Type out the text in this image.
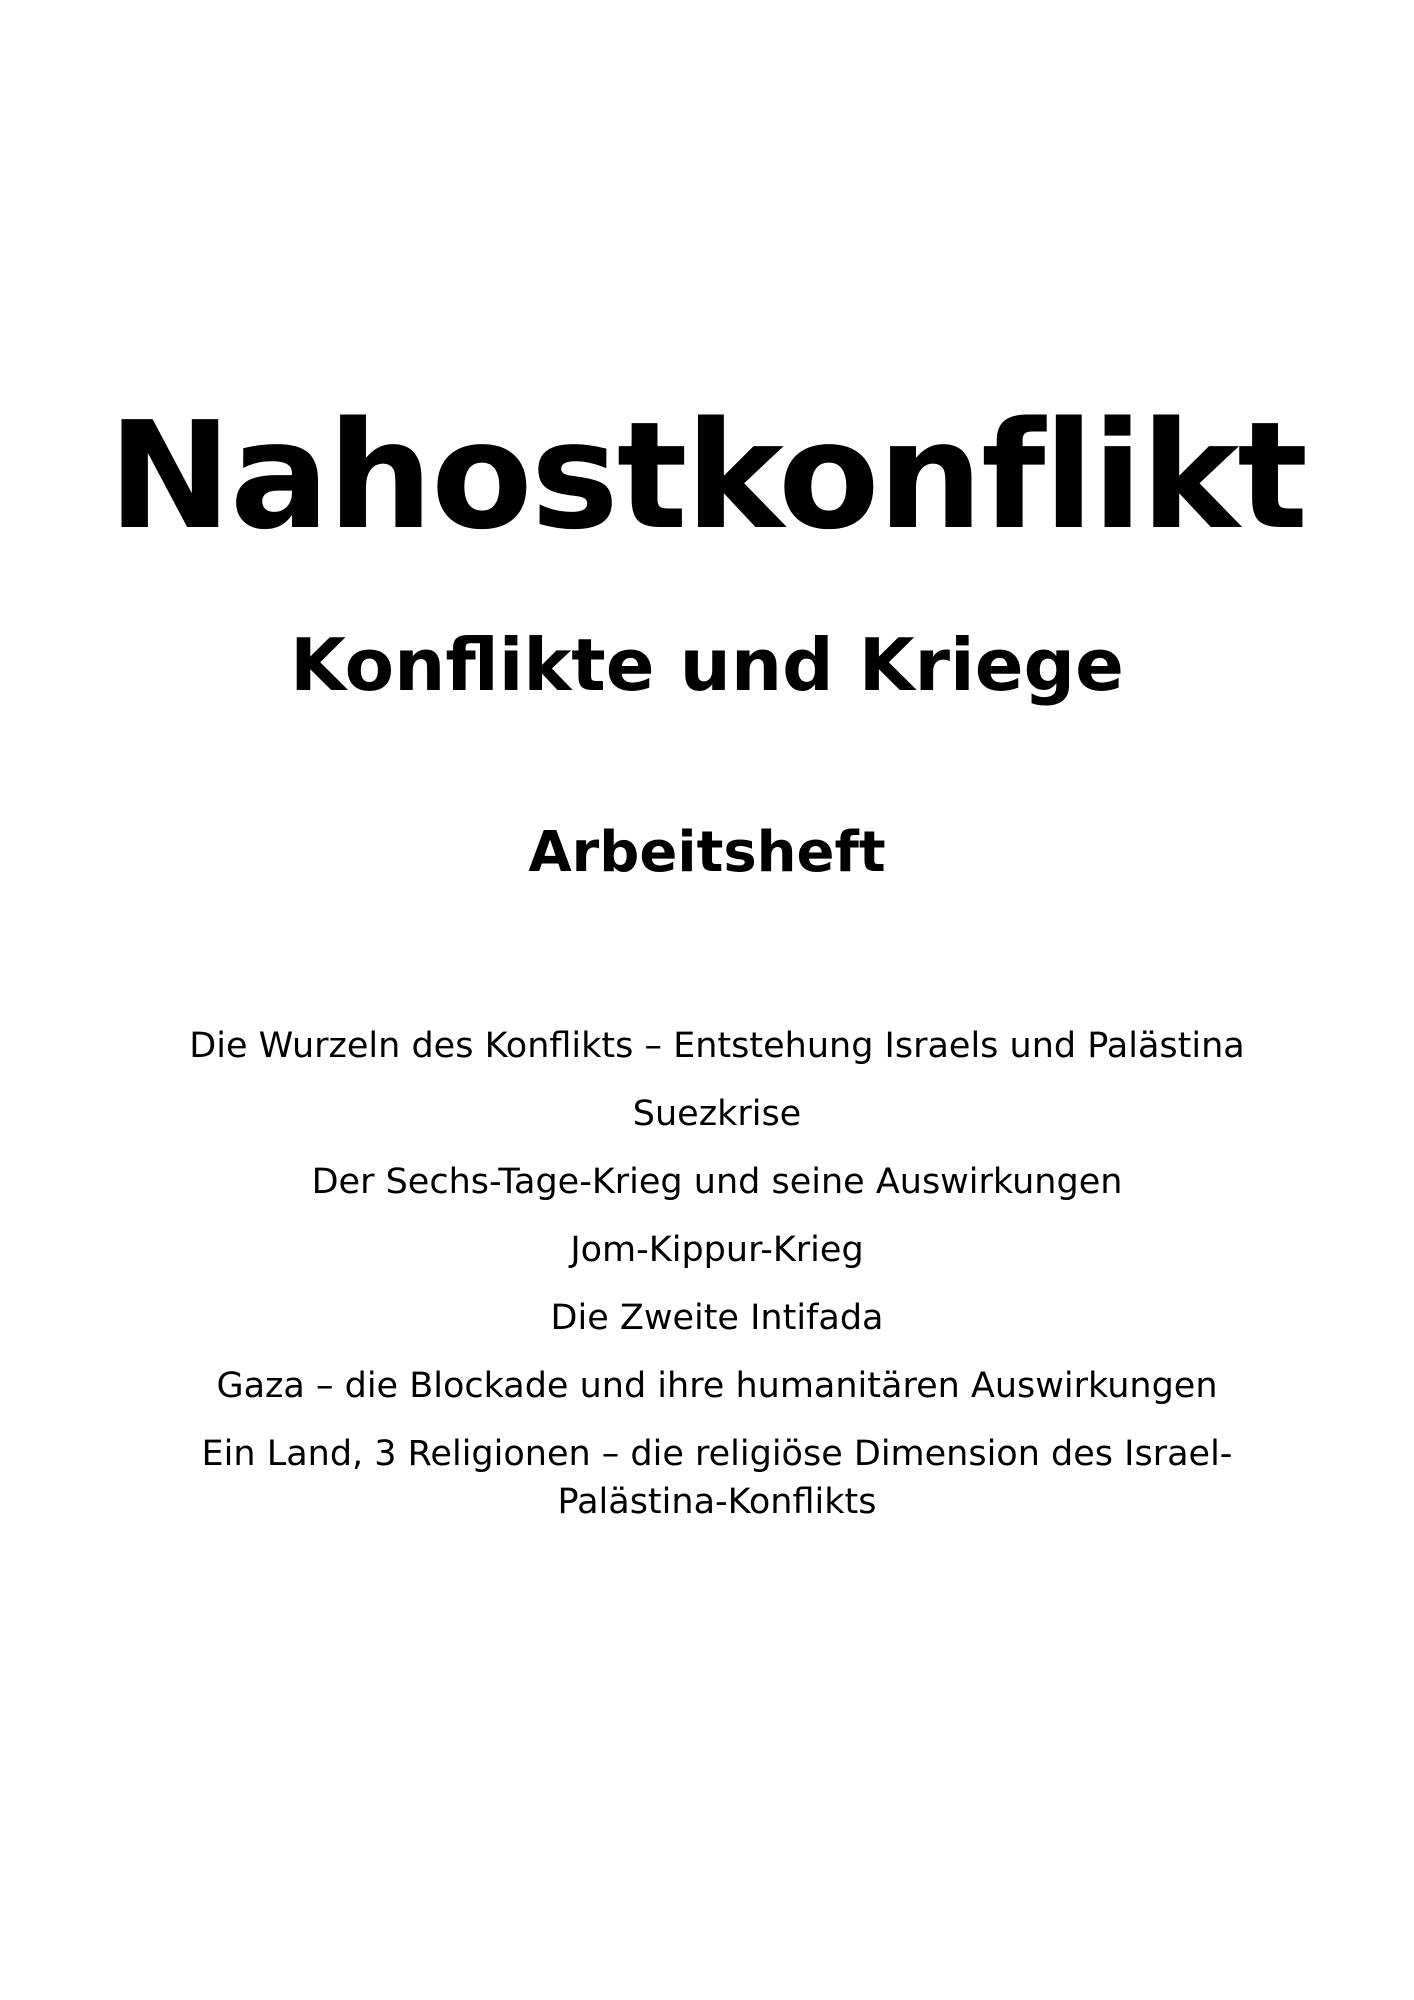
Nahostkonflikt
Konflikte und Kriege
Arbeitsheft
Die Wurzeln des Konflikts – Entstehung Israels und Palästina
Suezkrise
Der Sechs-Tage-Krieg und seine Auswirkungen
Jom-Kippur-Krieg
Die Zweite Intifada
Gaza – die Blockade und ihre humanitären Auswirkungen
Ein Land, 3 Religionen – die religiöse Dimension des Israel-Palästina-Konflikts
